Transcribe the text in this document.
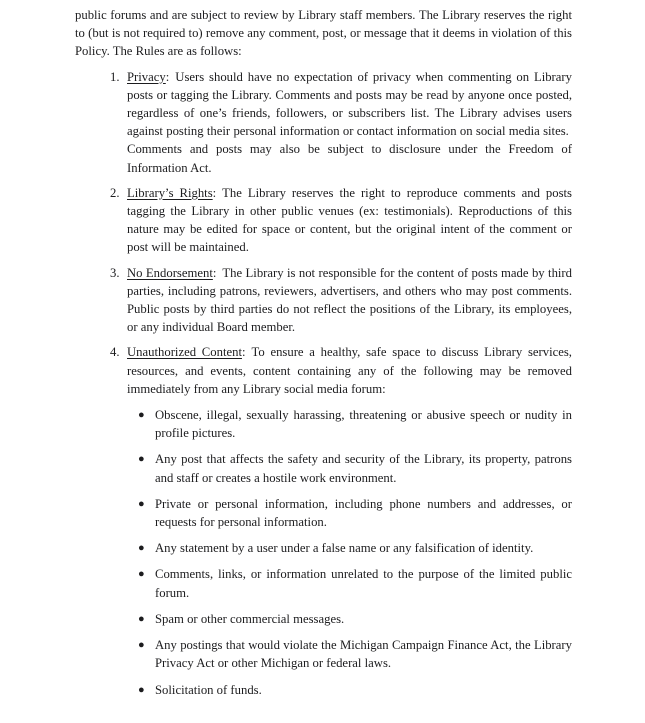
public forums and are subject to review by Library staff members. The Library reserves the right to (but is not required to) remove any comment, post, or message that it deems in violation of this Policy. The Rules are as follows:

1. Privacy: Users should have no expectation of privacy when commenting on Library posts or tagging the Library. Comments and posts may be read by anyone once posted, regardless of one’s friends, followers, or subscribers list. The Library advises users against posting their personal information or contact information on social media sites.  Comments and posts may also be subject to disclosure under the Freedom of Information Act.
2. Library’s Rights: The Library reserves the right to reproduce comments and posts tagging the Library in other public venues (ex: testimonials). Reproductions of this nature may be edited for space or content, but the original intent of the comment or post will be maintained.
3. No Endorsement: The Library is not responsible for the content of posts made by third parties, including patrons, reviewers, advertisers, and others who may post comments. Public posts by third parties do not reflect the positions of the Library, its employees, or any individual Board member.
4. Unauthorized Content: To ensure a healthy, safe space to discuss Library services, resources, and events, content containing any of the following may be removed immediately from any Library social media forum:
● Obscene, illegal, sexually harassing, threatening or abusive speech or nudity in profile pictures.
● Any post that affects the safety and security of the Library, its property, patrons and staff or creates a hostile work environment.
● Private or personal information, including phone numbers and addresses, or requests for personal information.
● Any statement by a user under a false name or any falsification of identity.
● Comments, links, or information unrelated to the purpose of the limited public forum.
● Spam or other commercial messages.
● Any postings that would violate the Michigan Campaign Finance Act, the Library Privacy Act or other Michigan or federal laws.
● Solicitation of funds.
